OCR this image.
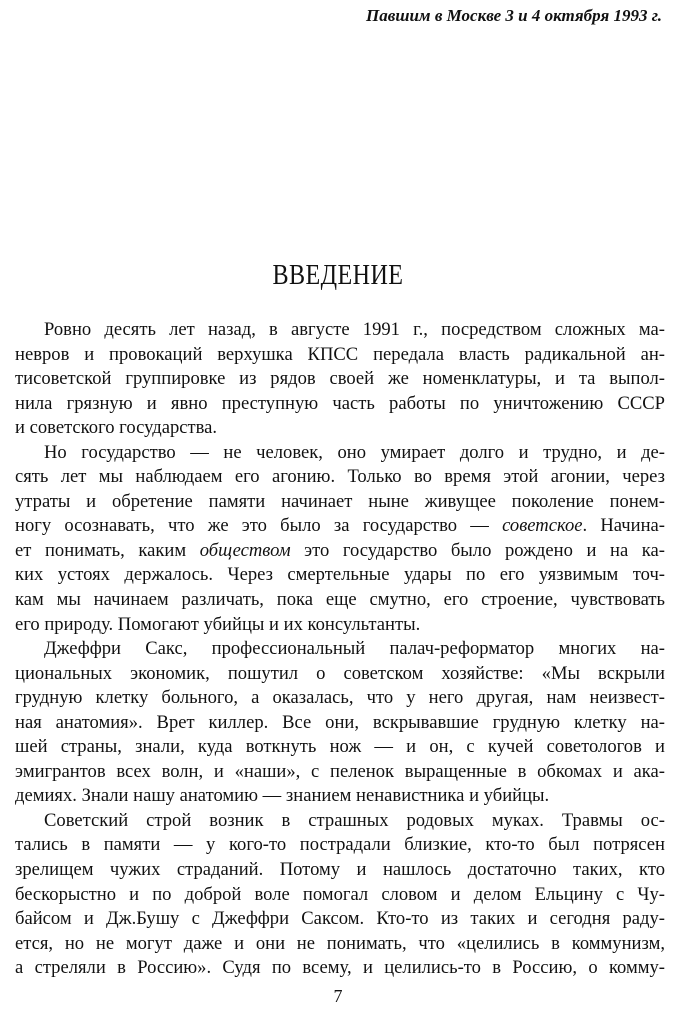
Павшим в Москве 3 и 4 октября 1993 г.
ВВЕДЕНИЕ
Ровно десять лет назад, в августе 1991 г., посредством сложных ма-
невров и провокаций верхушка КПСС передала власть радикальной ан-
тисоветской группировке из рядов своей же номенклатуры, и та выпол-
нила грязную и явно преступную часть работы по уничтожению СССР
и советского государства.
Но государство — не человек, оно умирает долго и трудно, и де-
сять лет мы наблюдаем его агонию. Только во время этой агонии, через
утраты и обретение памяти начинает ныне живущее поколение понем-
ногу осознавать, что же это было за государство — советское. Начина-
ет понимать, каким обществом это государство было рождено и на ка-
ких устоях держалось. Через смертельные удары по его уязвимым точ-
кам мы начинаем различать, пока еще смутно, его строение, чувствовать
его природу. Помогают убийцы и их консультанты.
Джеффри Сакс, профессиональный палач-реформатор многих на-
циональных экономик, пошутил о советском хозяйстве: «Мы вскрыли
грудную клетку больного, а оказалась, что у него другая, нам неизвест-
ная анатомия». Врет киллер. Все они, вскрывавшие грудную клетку на-
шей страны, знали, куда воткнуть нож — и он, с кучей советологов и
эмигрантов всех волн, и «наши», с пеленок выращенные в обкомах и ака-
демиях. Знали нашу анатомию — знанием ненавистника и убийцы.
Советский строй возник в страшных родовых муках. Травмы ос-
тались в памяти — у кого-то пострадали близкие, кто-то был потрясен
зрелищем чужих страданий. Потому и нашлось достаточно таких, кто
бескорыстно и по доброй воле помогал словом и делом Ельцину с Чу-
байсом и Дж.Бушу с Джеффри Саксом. Кто-то из таких и сегодня раду-
ется, но не могут даже и они не понимать, что «целились в коммунизм,
а стреляли в Россию». Судя по всему, и целились-то в Россию, о комму-
7
